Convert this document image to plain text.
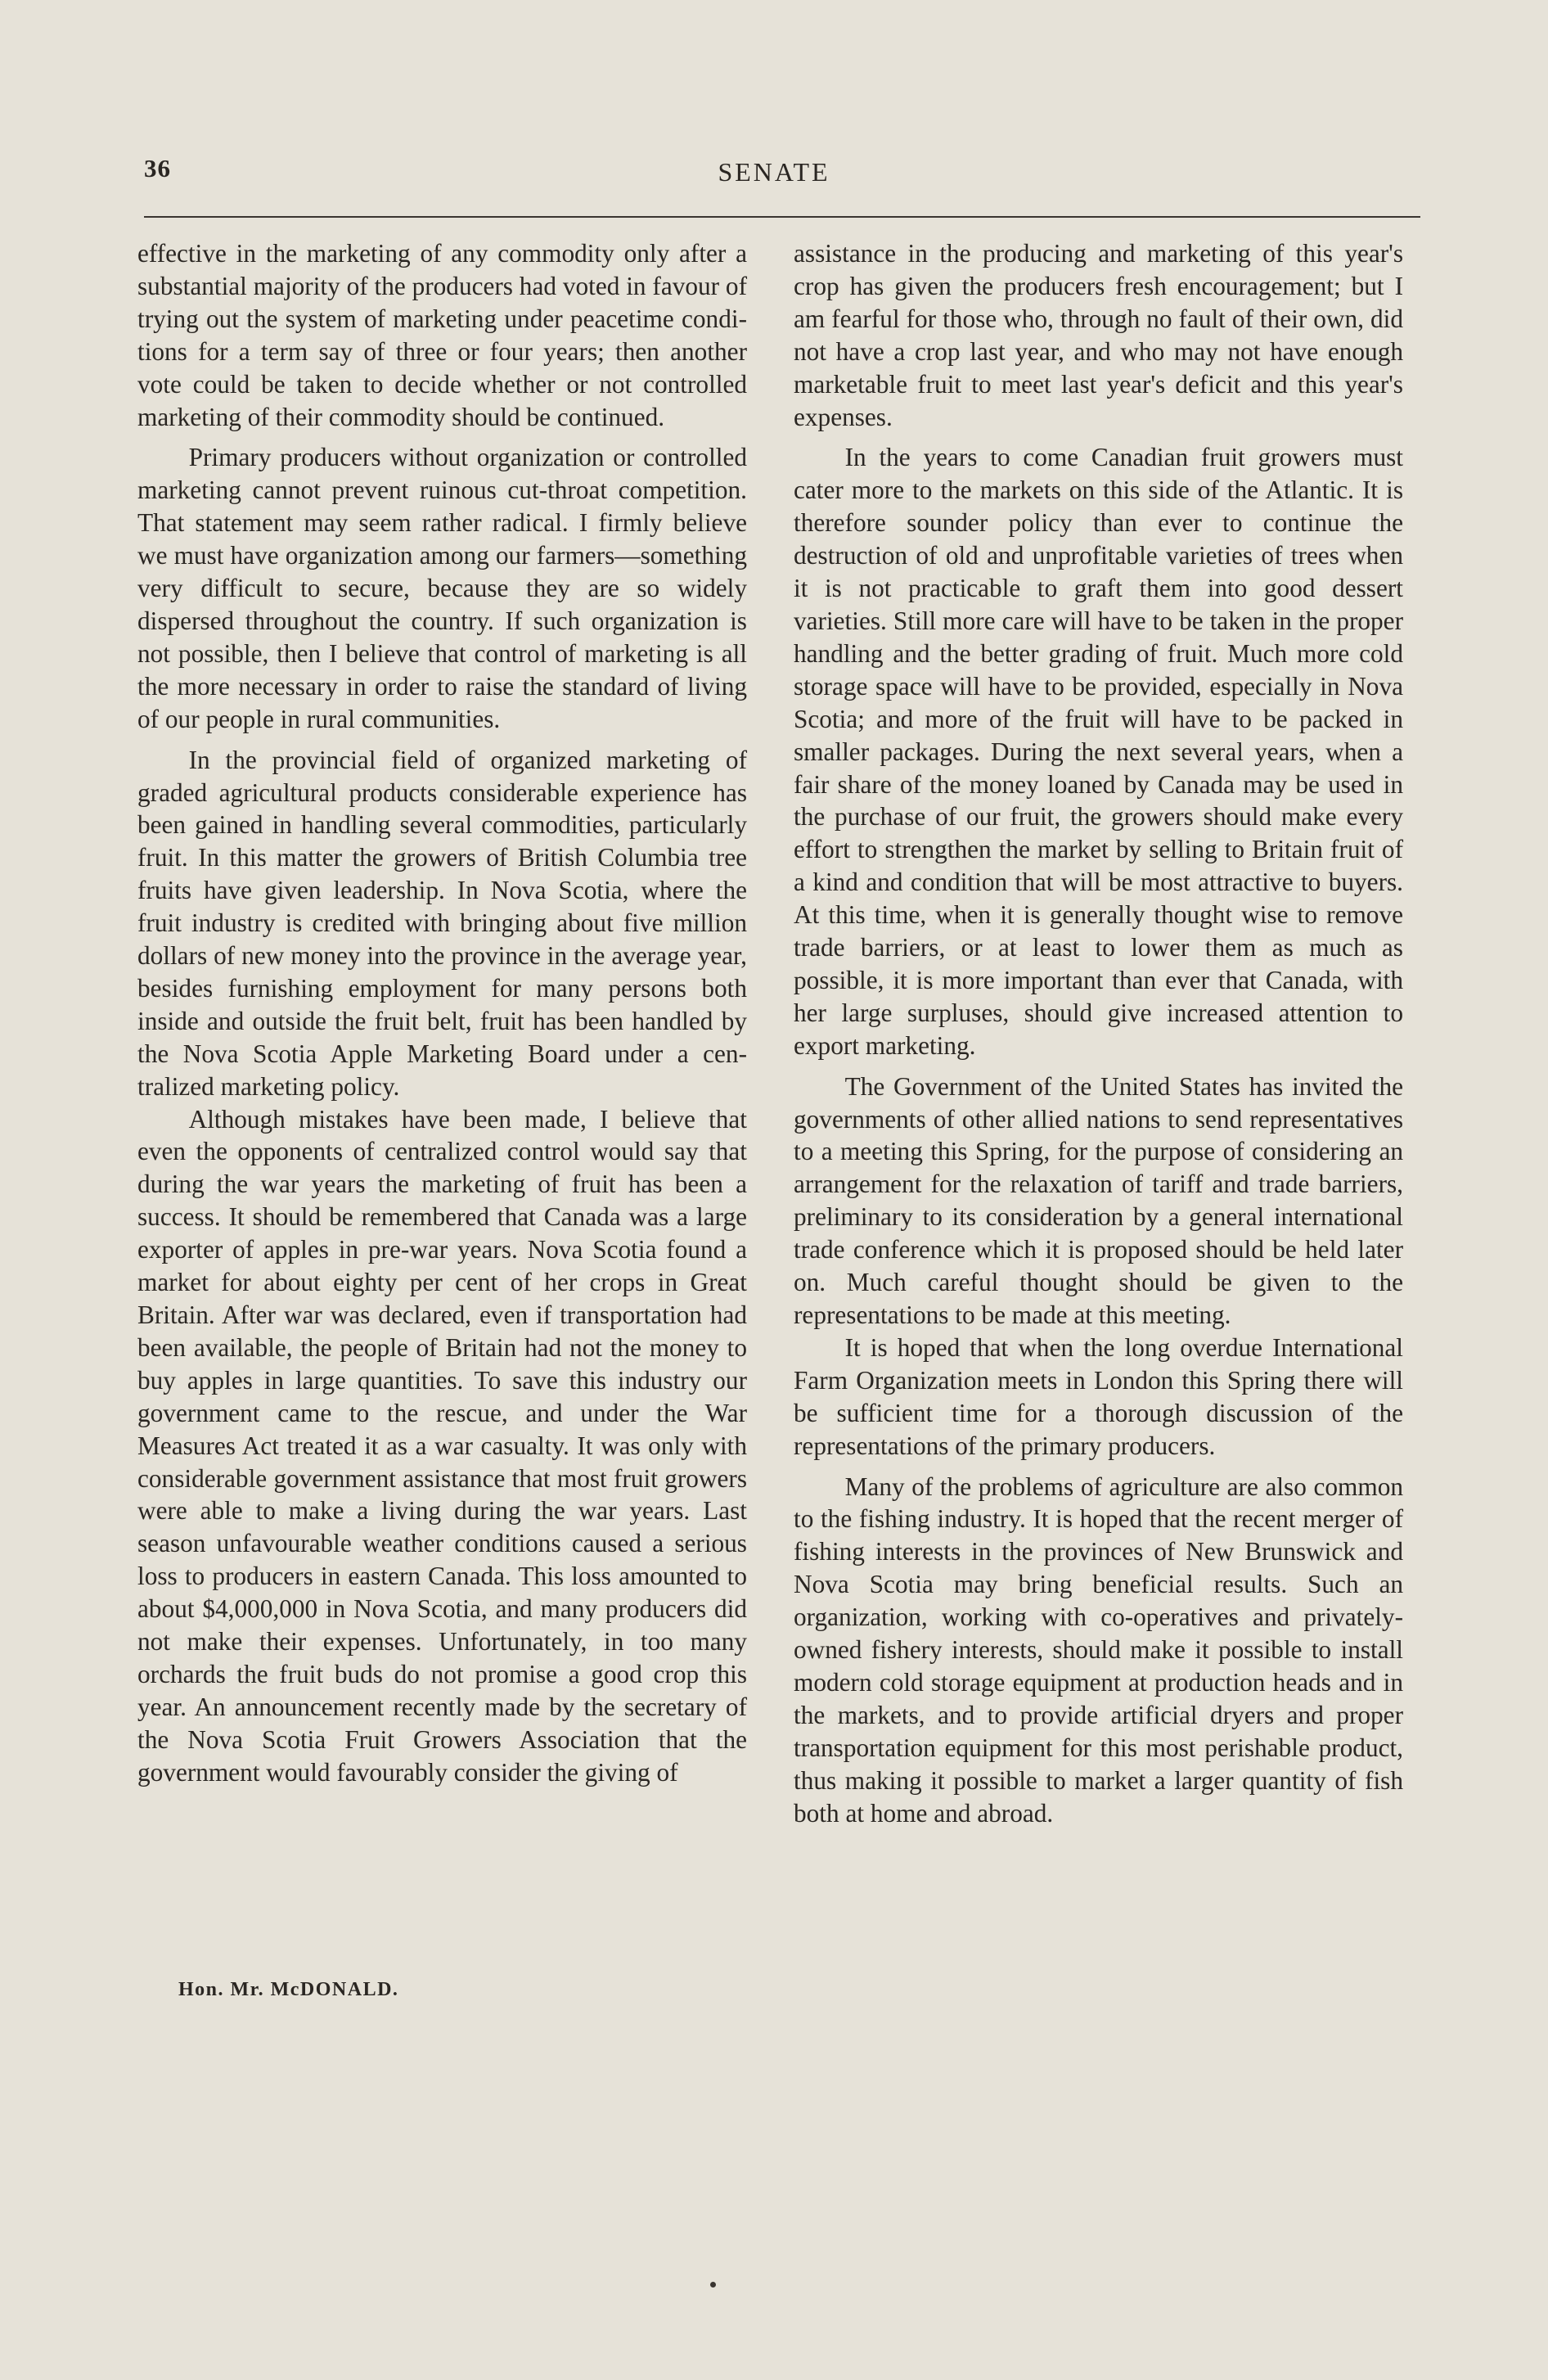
36	SENATE

effective in the marketing of any commodity only after a substantial majority of the producers had voted in favour of trying out the system of marketing under peacetime conditions for a term say of three or four years; then another vote could be taken to decide whether or not controlled marketing of their commodity should be continued.

Primary producers without organization or controlled marketing cannot prevent ruinous cut-throat competition. That statement may seem rather radical. I firmly believe we must have organization among our farmers—something very difficult to secure, because they are so widely dispersed throughout the country. If such organization is not possible, then I believe that control of marketing is all the more necessary in order to raise the standard of living of our people in rural communities.

In the provincial field of organized marketing of graded agricultural products considerable experience has been gained in handling several commodities, particularly fruit. In this matter the growers of British Columbia tree fruits have given leadership. In Nova Scotia, where the fruit industry is credited with bringing about five million dollars of new money into the province in the average year, besides furnishing employment for many persons both inside and outside the fruit belt, fruit has been handled by the Nova Scotia Apple Marketing Board under a centralized marketing policy.

Although mistakes have been made, I believe that even the opponents of centralized control would say that during the war years the marketing of fruit has been a success. It should be remembered that Canada was a large exporter of apples in pre-war years. Nova Scotia found a market for about eighty per cent of her crops in Great Britain. After war was declared, even if transportation had been available, the people of Britain had not the money to buy apples in large quantities. To save this industry our government came to the rescue, and under the War Measures Act treated it as a war casualty. It was only with considerable government assistance that most fruit growers were able to make a living during the war years. Last season unfavourable weather conditions caused a serious loss to producers in eastern Canada. This loss amounted to about $4,000,000 in Nova Scotia, and many producers did not make their expenses. Unfortunately, in too many orchards the fruit buds do not promise a good crop this year. An announcement recently made by the secretary of the Nova Scotia Fruit Growers Association that the government would favourably consider the giving of

assistance in the producing and marketing of this year's crop has given the producers fresh encouragement; but I am fearful for those who, through no fault of their own, did not have a crop last year, and who may not have enough marketable fruit to meet last year's deficit and this year's expenses.

In the years to come Canadian fruit growers must cater more to the markets on this side of the Atlantic. It is therefore sounder policy than ever to continue the destruction of old and unprofitable varieties of trees when it is not practicable to graft them into good dessert varieties. Still more care will have to be taken in the proper handling and the better grading of fruit. Much more cold storage space will have to be provided, especially in Nova Scotia; and more of the fruit will have to be packed in smaller packages. During the next several years, when a fair share of the money loaned by Canada may be used in the purchase of our fruit, the growers should make every effort to strengthen the market by selling to Britain fruit of a kind and condition that will be most attractive to buyers. At this time, when it is generally thought wise to remove trade barriers, or at least to lower them as much as possible, it is more important than ever that Canada, with her large surpluses, should give increased attention to export marketing.

The Government of the United States has invited the governments of other allied nations to send representatives to a meeting this Spring, for the purpose of considering an arrangement for the relaxation of tariff and trade barriers, preliminary to its consideration by a general international trade conference which it is proposed should be held later on. Much careful thought should be given to the representations to be made at this meeting.

It is hoped that when the long overdue International Farm Organization meets in London this Spring there will be sufficient time for a thorough discussion of the representations of the primary producers.

Many of the problems of agriculture are also common to the fishing industry. It is hoped that the recent merger of fishing interests in the provinces of New Brunswick and Nova Scotia may bring beneficial results. Such an organization, working with co-operatives and privately-owned fishery interests, should make it possible to install modern cold storage equipment at production heads and in the markets, and to provide artificial dryers and proper transportation equipment for this most perishable product, thus making it possible to market a larger quantity of fish both at home and abroad.

Hon. Mr. McDONALD.
